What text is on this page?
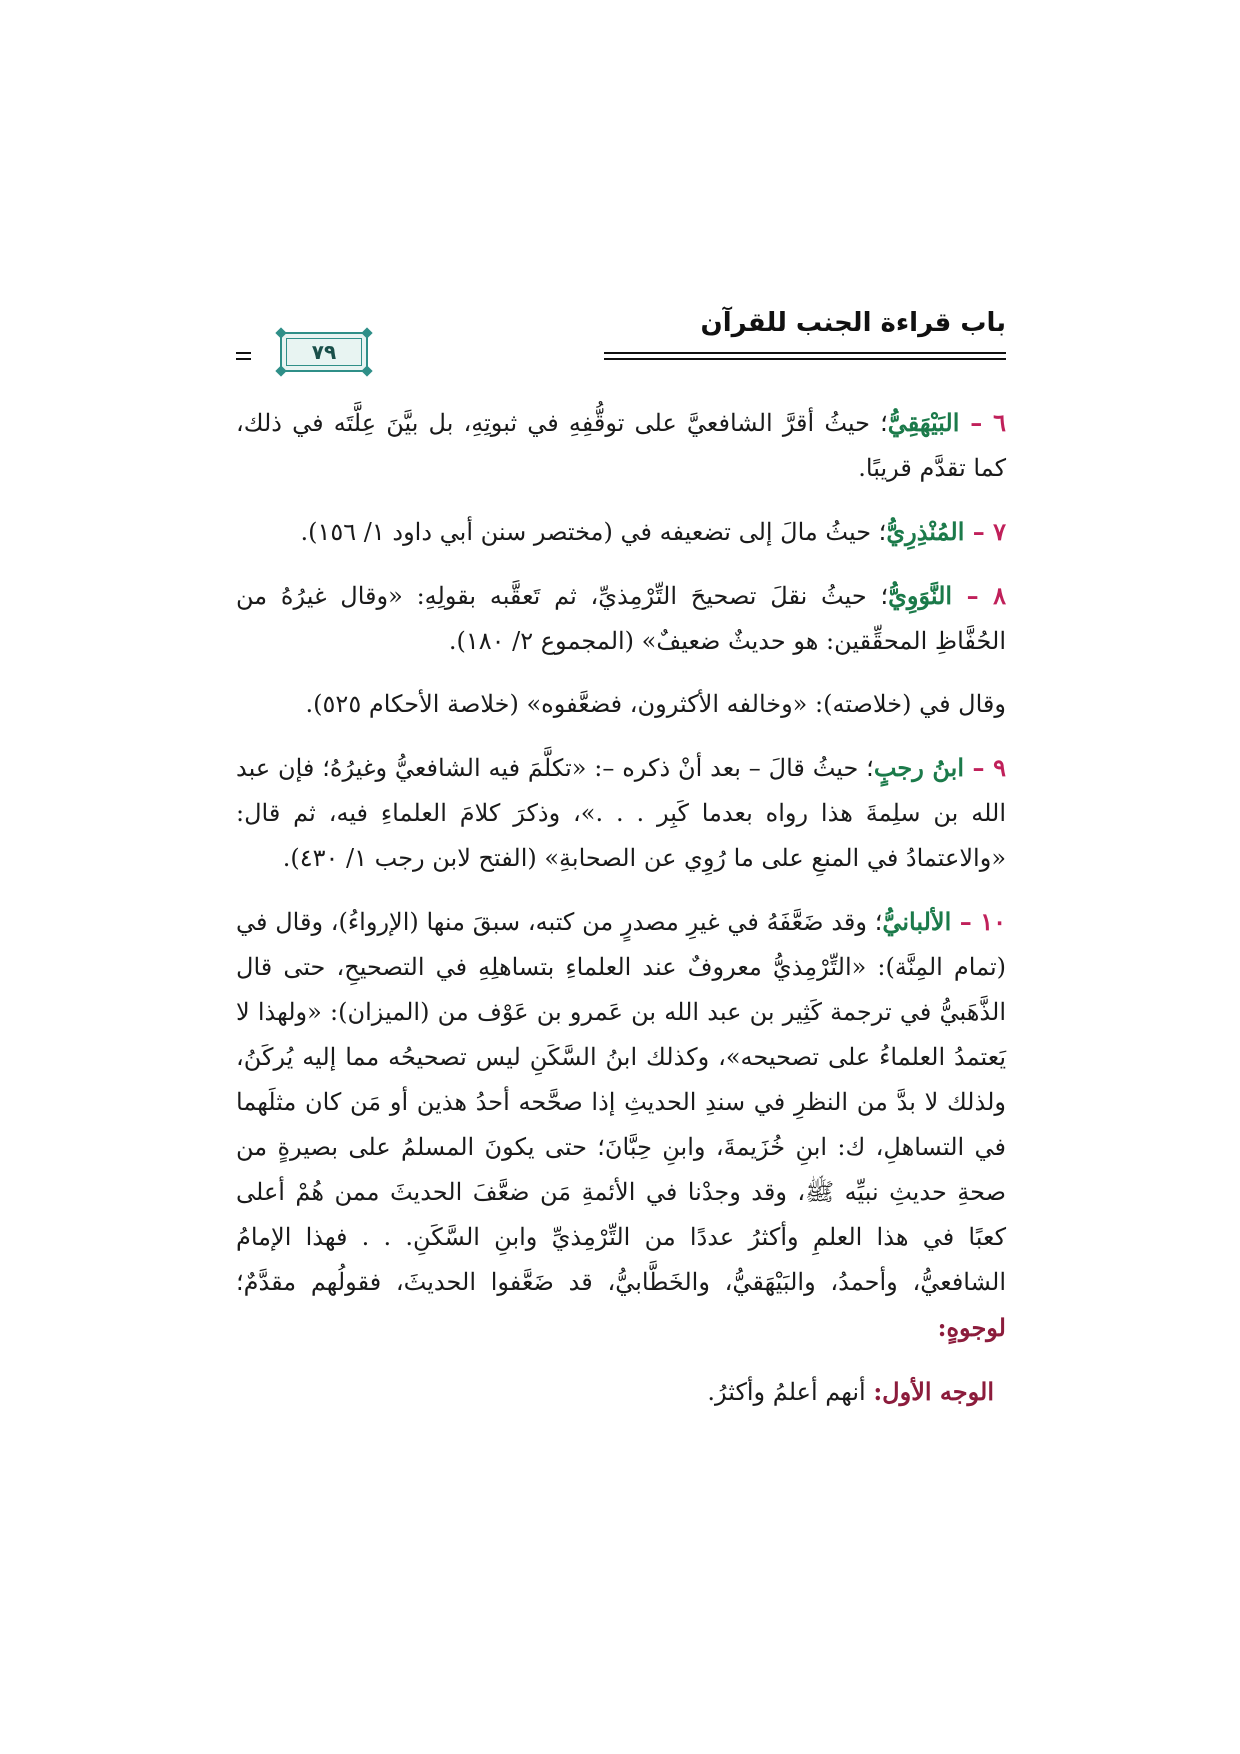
باب قراءة الجنب للقرآن
٧٩

٦ – البَيْهَقِيُّ؛ حيثُ أقرَّ الشافعيَّ على توقُّفِهِ في ثبوتِهِ، بل بيَّنَ عِلَّتَه في ذلك، كما تقدَّم قريبًا.

٧ – المُنْذِرِيُّ؛ حيثُ مالَ إلى تضعيفه في (مختصر سنن أبي داود ١/ ١٥٦).

٨ – النَّوَوِيُّ؛ حيثُ نقلَ تصحيحَ التِّرْمِذيِّ، ثم تَعقَّبه بقولِهِ: «وقال غيرُهُ من الحُفَّاظِ المحقِّقين: هو حديثٌ ضعيفٌ» (المجموع ٢/ ١٨٠).

وقال في (خلاصته): «وخالفه الأكثرون، فضعَّفوه» (خلاصة الأحكام ٥٢٥).

٩ – ابنُ رجبٍ؛ حيثُ قالَ – بعد أنْ ذكره –: «تكلَّمَ فيه الشافعيُّ وغيرُهُ؛ فإن عبد الله بن سلِمةَ هذا رواه بعدما كَبِر . . .»، وذكرَ كلامَ العلماءِ فيه، ثم قال: «والاعتمادُ في المنعِ على ما رُوِي عن الصحابةِ» (الفتح لابن رجب ١/ ٤٣٠).

١٠ – الألبانيُّ؛ وقد ضَعَّفَهُ في غيرِ مصدرٍ من كتبه، سبقَ منها (الإرواءُ)، وقال في (تمام المِنَّة): «التِّرْمِذيُّ معروفٌ عند العلماءِ بتساهلِهِ في التصحيحِ، حتى قال الذَّهَبيُّ في ترجمة كَثِير بن عبد الله بن عَمرو بن عَوْف من (الميزان): «ولهذا لا يَعتمدُ العلماءُ على تصحيحه»، وكذلك ابنُ السَّكَنِ ليس تصحيحُه مما إليه يُركَنُ، ولذلك لا بدَّ من النظرِ في سندِ الحديثِ إذا صحَّحه أحدُ هذين أو مَن كان مثلَهما في التساهلِ، ك: ابنِ خُزَيمةَ، وابنِ حِبَّانَ؛ حتى يكونَ المسلمُ على بصيرةٍ من صحةِ حديثِ نبيِّه ﷺ، وقد وجدْنا في الأئمةِ مَن ضعَّفَ الحديثَ ممن هُمْ أعلى كعبًا في هذا العلمِ وأكثرُ عددًا من التِّرْمِذيِّ وابنِ السَّكَنِ. . . فهذا الإمامُ الشافعيُّ، وأحمدُ، والبَيْهَقيُّ، والخَطَّابيُّ، قد ضَعَّفوا الحديثَ، فقولُهم مقدَّمٌ؛ لوجوهٍ:

الوجه الأول: أنهم أعلمُ وأكثرُ.
